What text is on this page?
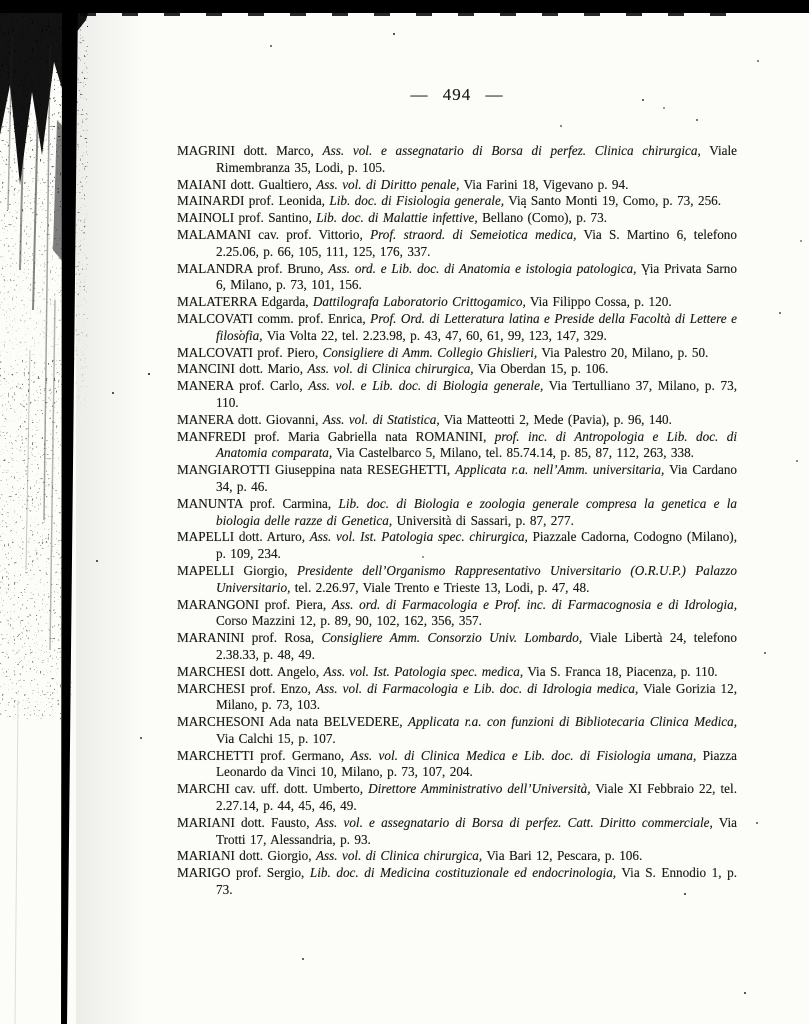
— 494 —

MAGRINI dott. Marco, Ass. vol. e assegnatario di Borsa di perfez. Clinica chirurgica, Viale Rimembranza 35, Lodi, p. 105.

MAIANI dott. Gualtiero, Ass. vol. di Diritto penale, Via Farini 18, Vigevano p. 94.

MAINARDI prof. Leonida, Lib. doc. di Fisiologia generale, Via Santo Monti 19, Como, p. 73, 256.

MAINOLI prof. Santino, Lib. doc. di Malattie infettive, Bellano (Como), p. 73.

MALAMANI cav. prof. Vittorio, Prof. straord. di Semeiotica medica, Via S. Martino 6, telefono 2.25.06, p. 66, 105, 111, 125, 176, 337.

MALANDRA prof. Bruno, Ass. ord. e Lib. doc. di Anatomia e istologia patologica, Via Privata Sarno 6, Milano, p. 73, 101, 156.

MALATERRA Edgarda, Dattilografa Laboratorio Crittogamico, Via Filippo Cossa, p. 120.

MALCOVATI comm. prof. Enrica, Prof. Ord. di Letteratura latina e Preside della Facoltà di Lettere e filosofia, Via Volta 22, tel. 2.23.98, p. 43, 47, 60, 61, 99, 123, 147, 329.

MALCOVATI prof. Piero, Consigliere di Amm. Collegio Ghislieri, Via Palestro 20, Milano, p. 50.

MANCINI dott. Mario, Ass. vol. di Clinica chirurgica, Via Oberdan 15, p. 106.

MANERA prof. Carlo, Ass. vol. e Lib. doc. di Biologia generale, Via Tertulliano 37, Milano, p. 73, 110.

MANERA dott. Giovanni, Ass. vol. di Statistica, Via Matteotti 2, Mede (Pavia), p. 96, 140.

MANFREDI prof. Maria Gabriella nata ROMANINI, prof. inc. di Antropologia e Lib. doc. di Anatomia comparata, Via Castelbarco 5, Milano, tel. 85.74.14, p. 85, 87, 112, 263, 338.

MANGIAROTTI Giuseppina nata RESEGHETTI, Applicata r.a. nell’Amm. universitaria, Via Cardano 34, p. 46.

MANUNTA prof. Carmina, Lib. doc. di Biologia e zoologia generale compresa la genetica e la biologia delle razze di Genetica, Università di Sassari, p. 87, 277.

MAPELLI dott. Arturo, Ass. vol. Ist. Patologia spec. chirurgica, Piazzale Cadorna, Codogno (Milano), p. 109, 234.

MAPELLI Giorgio, Presidente dell’Organismo Rappresentativo Universitario (O.R.U.P.) Palazzo Universitario, tel. 2.26.97, Viale Trento e Trieste 13, Lodi, p. 47, 48.

MARANGONI prof. Piera, Ass. ord. di Farmacologia e Prof. inc. di Farmacognosia e di Idrologia, Corso Mazzini 12, p. 89, 90, 102, 162, 356, 357.

MARANINI prof. Rosa, Consigliere Amm. Consorzio Univ. Lombardo, Viale Libertà 24, telefono 2.38.33, p. 48, 49.

MARCHESI dott. Angelo, Ass. vol. Ist. Patologia spec. medica, Via S. Franca 18, Piacenza, p. 110.

MARCHESI prof. Enzo, Ass. vol. di Farmacologia e Lib. doc. di Idrologia medica, Viale Gorizia 12, Milano, p. 73, 103.

MARCHESONI Ada nata BELVEDERE, Applicata r.a. con funzioni di Bibliotecaria Clinica Medica, Via Calchi 15, p. 107.

MARCHETTI prof. Germano, Ass. vol. di Clinica Medica e Lib. doc. di Fisiologia umana, Piazza Leonardo da Vinci 10, Milano, p. 73, 107, 204.

MARCHI cav. uff. dott. Umberto, Direttore Amministrativo dell’Università, Viale XI Febbraio 22, tel. 2.27.14, p. 44, 45, 46, 49.

MARIANI dott. Fausto, Ass. vol. e assegnatario di Borsa di perfez. Catt. Diritto commerciale, Via Trotti 17, Alessandria, p. 93.

MARIANI dott. Giorgio, Ass. vol. di Clinica chirurgica, Via Bari 12, Pescara, p. 106.

MARIGO prof. Sergio, Lib. doc. di Medicina costituzionale ed endocrinologia, Via S. Ennodio 1, p. 73.
